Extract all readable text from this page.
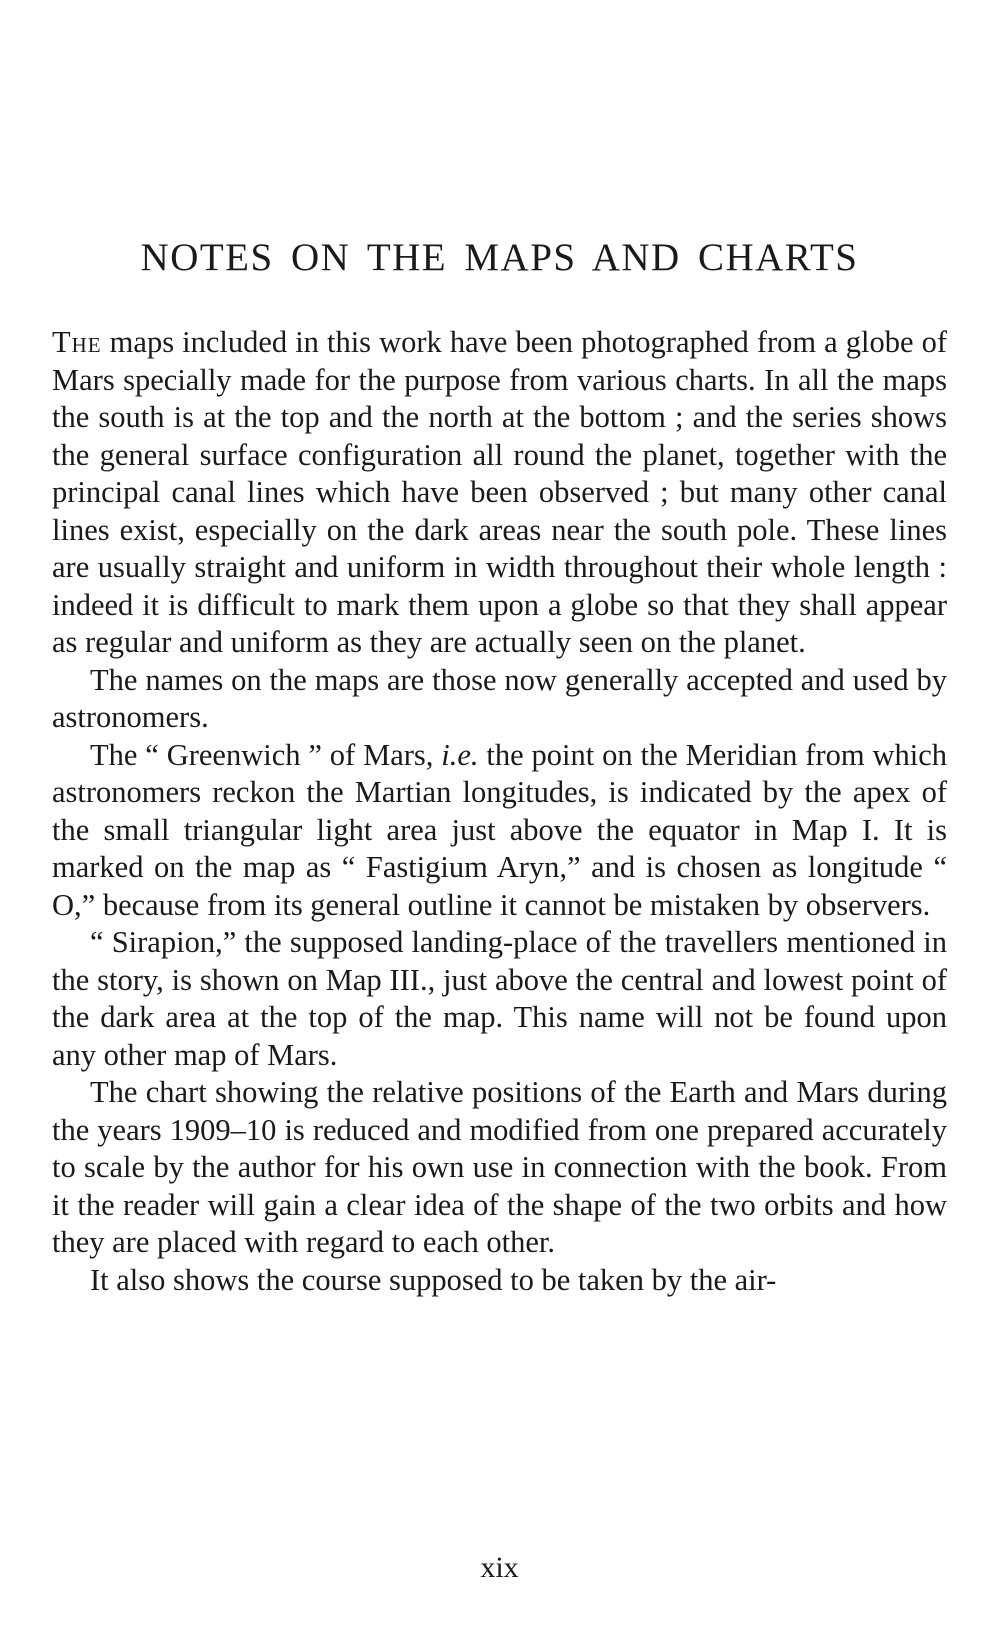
NOTES ON THE MAPS AND CHARTS

The maps included in this work have been photographed from a globe of Mars specially made for the purpose from various charts. In all the maps the south is at the top and the north at the bottom ; and the series shows the general surface configuration all round the planet, together with the principal canal lines which have been observed ; but many other canal lines exist, especially on the dark areas near the south pole. These lines are usually straight and uniform in width throughout their whole length : indeed it is difficult to mark them upon a globe so that they shall appear as regular and uniform as they are actually seen on the planet.

The names on the maps are those now generally accepted and used by astronomers.

The “ Greenwich ” of Mars, i.e. the point on the Meridian from which astronomers reckon the Martian longitudes, is indicated by the apex of the small triangular light area just above the equator in Map I. It is marked on the map as “ Fastigium Aryn,” and is chosen as longitude “ O,” because from its general outline it cannot be mistaken by observers.

“ Sirapion,” the supposed landing-place of the travellers mentioned in the story, is shown on Map III., just above the central and lowest point of the dark area at the top of the map. This name will not be found upon any other map of Mars.

The chart showing the relative positions of the Earth and Mars during the years 1909–10 is reduced and modified from one prepared accurately to scale by the author for his own use in connection with the book. From it the reader will gain a clear idea of the shape of the two orbits and how they are placed with regard to each other.

It also shows the course supposed to be taken by the air-

xix
